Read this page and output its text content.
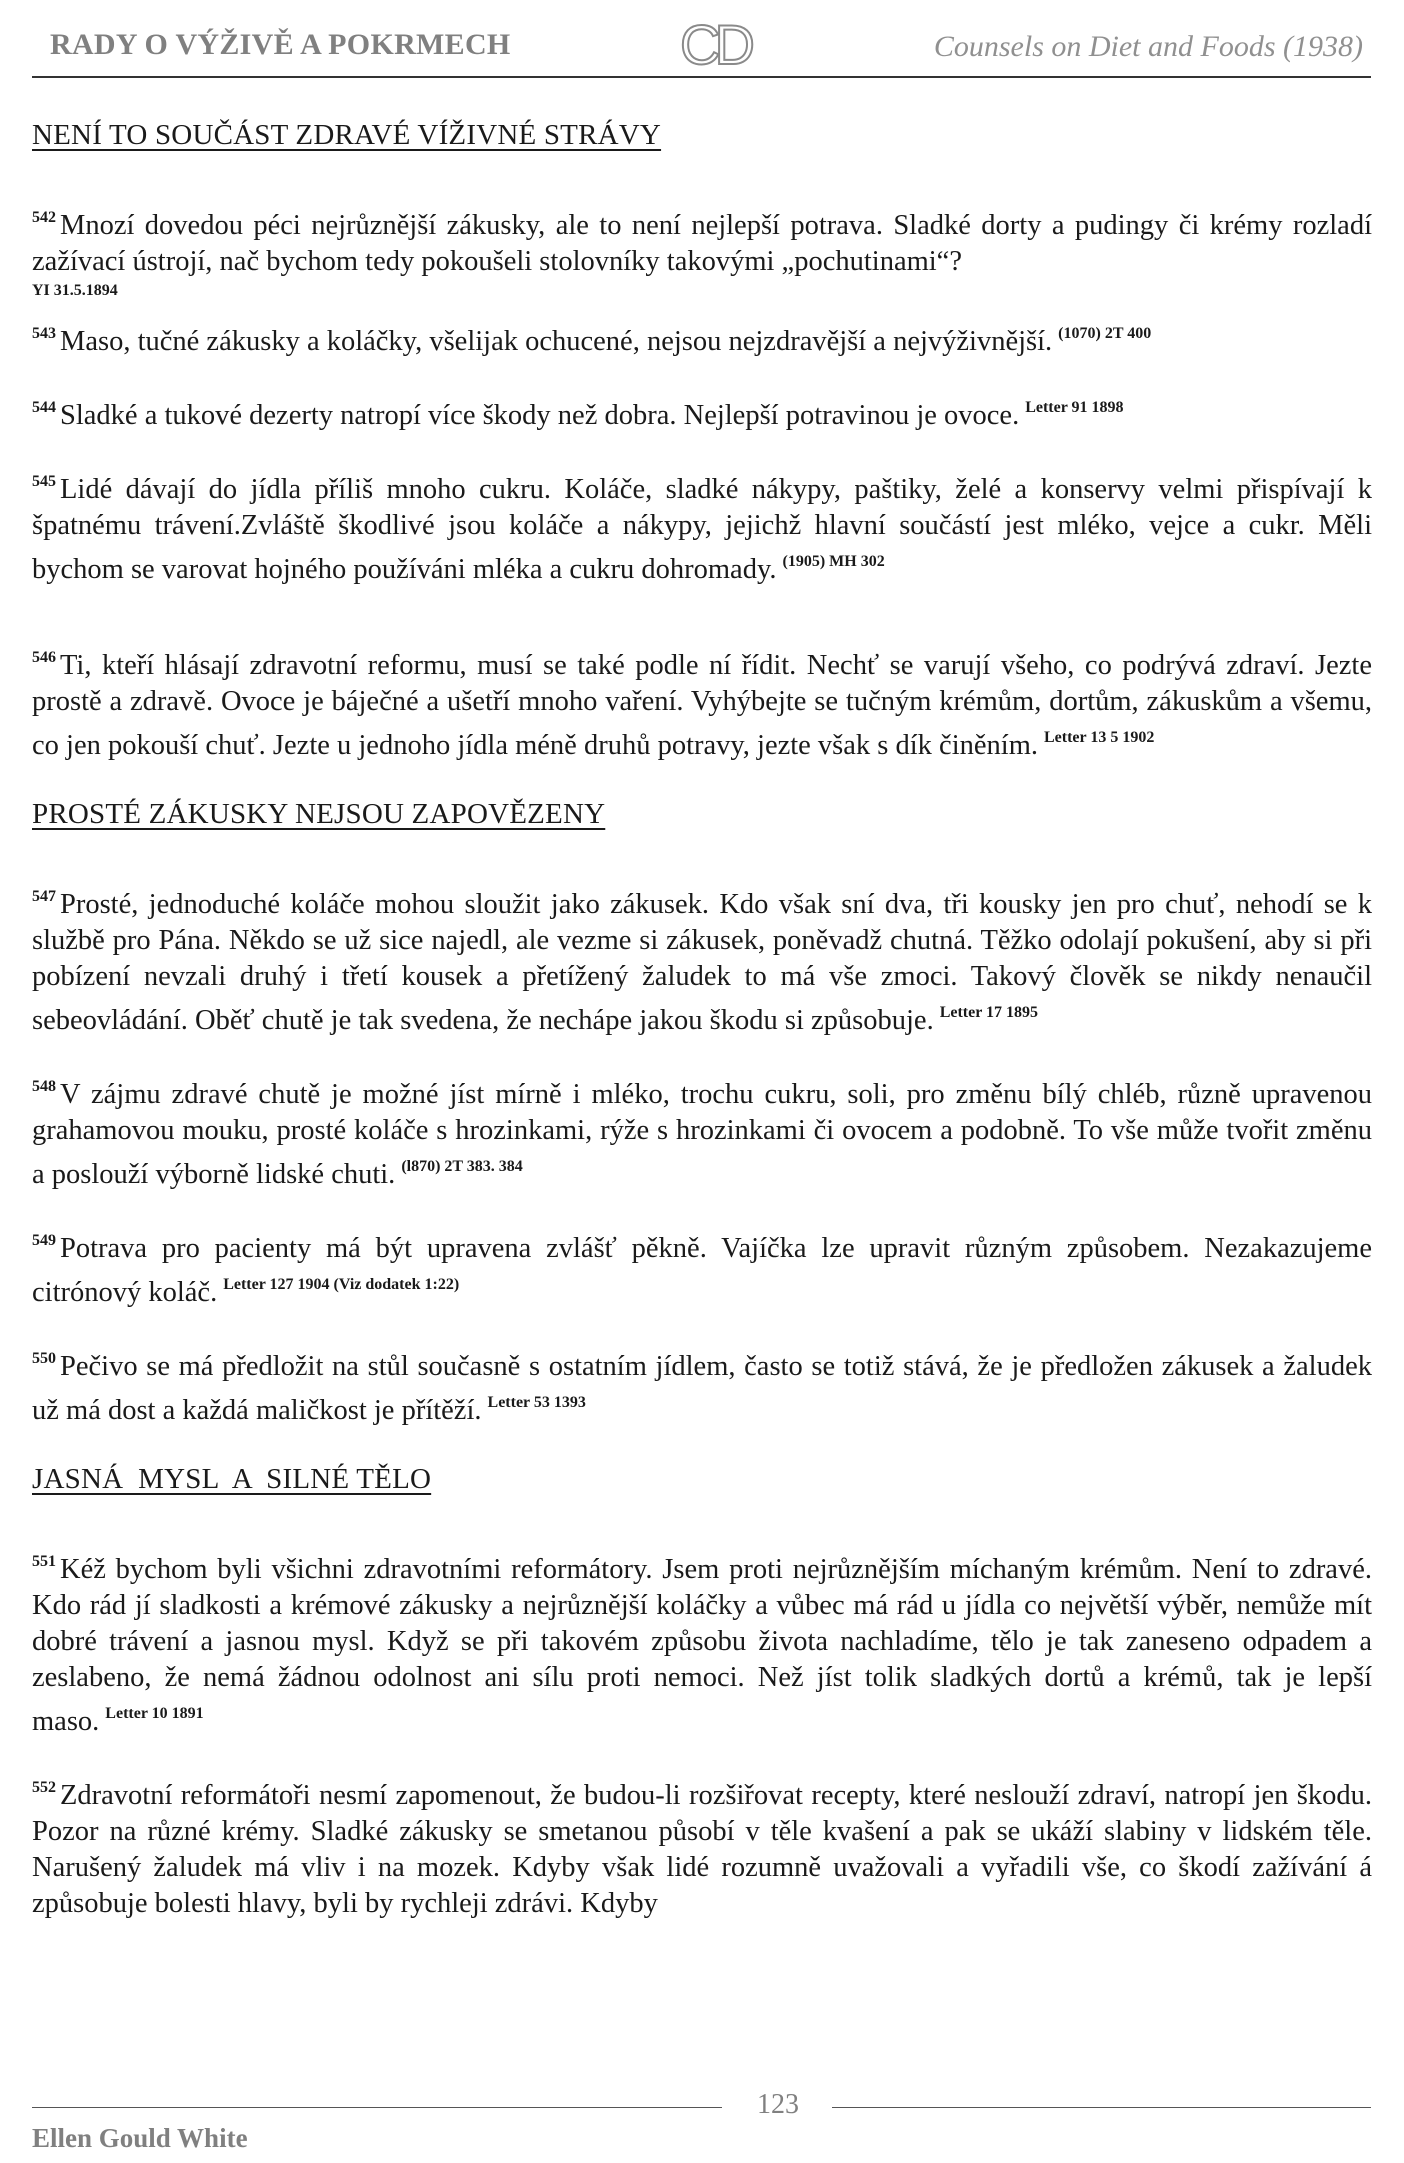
RADY O VÝŽIVĚ A POKRMECH	CD	Counsels on Diet and Foods (1938)
NENÍ TO SOUČÁST ZDRAVÉ VÍŽIVNÉ STRÁVY

$^{542}$ Mnozí dovedou péci nejrůznější zákusky, ale to není nejlepší potrava. Sladké dorty a pudingy či krémy rozladí zažívací ústrojí, nač bychom tedy pokoušeli stolovníky takovými „pochutinami“?
YI 31.5.1894

$^{543}$ Maso, tučné zákusky a koláčky, všelijak ochucené, nejsou nejzdravější a nejvýživnější. $^{(1070) 2T 400}$

$^{544}$ Sladké a tukové dezerty natropí více škody než dobra. Nejlepší potravinou je ovoce. $^{Letter 91 1898}$

$^{545}$ Lidé dávají do jídla příliš mnoho cukru. Koláče, sladké nákypy, paštiky, želé a konservy velmi přispívají k špatnému trávení.Zvláště škodlivé jsou koláče a nákypy, jejichž hlavní součástí jest mléko, vejce a cukr. Měli bychom se varovat hojného používáni mléka a cukru dohromady. $^{(1905) MH 302}$

$^{546}$ Ti, kteří hlásají zdravotní reformu, musí se také podle ní řídit. Nechť se varují všeho, co podrývá zdraví. Jezte prostě a zdravě. Ovoce je báječné a ušetří mnoho vaření. Vyhýbejte se tučným krémům, dortům, zákuskům a všemu, co jen pokouší chuť. Jezte u jednoho jídla méně druhů potravy, jezte však s dík činěním. $^{Letter 13 5 1902}$

PROSTÉ ZÁKUSKY NEJSOU ZAPOVĚZENY

$^{547}$ Prosté, jednoduché koláče mohou sloužit jako zákusek. Kdo však sní dva, tři kousky jen pro chuť, nehodí se k službě pro Pána. Někdo se už sice najedl, ale vezme si zákusek, poněvadž chutná. Těžko odolají pokušení, aby si při pobízení nevzali druhý i třetí kousek a přetížený žaludek to má vše zmoci. Takový člověk se nikdy nenaučil sebeovládání. Oběť chutě je tak svedena, že nechápe jakou škodu si způsobuje. $^{Letter 17 1895}$

$^{548}$ V zájmu zdravé chutě je možné jíst mírně i mléko, trochu cukru, soli, pro změnu bílý chléb, různě upravenou grahamovou mouku, prosté koláče s hrozinkami, rýže s hrozinkami či ovocem a podobně. To vše může tvořit změnu a poslouží výborně lidské chuti. $^{(l870) 2T 383. 384}$

$^{549}$ Potrava pro pacienty má být upravena zvlášť pěkně. Vajíčka lze upravit různým způsobem. Nezakazujeme citrónový koláč. $^{Letter 127 1904 (Viz dodatek 1:22)}$

$^{550}$ Pečivo se má předložit na stůl současně s ostatním jídlem, často se totiž stává, že je předložen zákusek a žaludek už má dost a každá maličkost je přítěží. $^{Letter 53 1393}$

JASNÁ  MYSL  A  SILNÉ TĚLO

$^{551}$ Kéž bychom byli všichni zdravotními reformátory. Jsem proti nejrůznějším míchaným krémům. Není to zdravé. Kdo rád jí sladkosti a krémové zákusky a nejrůznější koláčky a vůbec má rád u jídla co největší výběr, nemůže mít dobré trávení a jasnou mysl. Když se při takovém způsobu života nachladíme, tělo je tak zaneseno odpadem a zeslabeno, že nemá žádnou odolnost ani sílu proti nemoci. Než jíst tolik sladkých dortů a krémů, tak je lepší maso. $^{Letter 10 1891}$

$^{552}$ Zdravotní reformátoři nesmí zapomenout, že budou-li rozšiřovat recepty, které neslouží zdraví, natropí jen škodu. Pozor na různé krémy. Sladké zákusky se smetanou působí v těle kvašení a pak se ukáží slabiny v lidském těle. Narušený žaludek má vliv i na mozek. Kdyby však lidé rozumně uvažovali a vyřadili vše, co škodí zažívání á způsobuje bolesti hlavy, byli by rychleji zdrávi. Kdyby

123
Ellen Gould White
